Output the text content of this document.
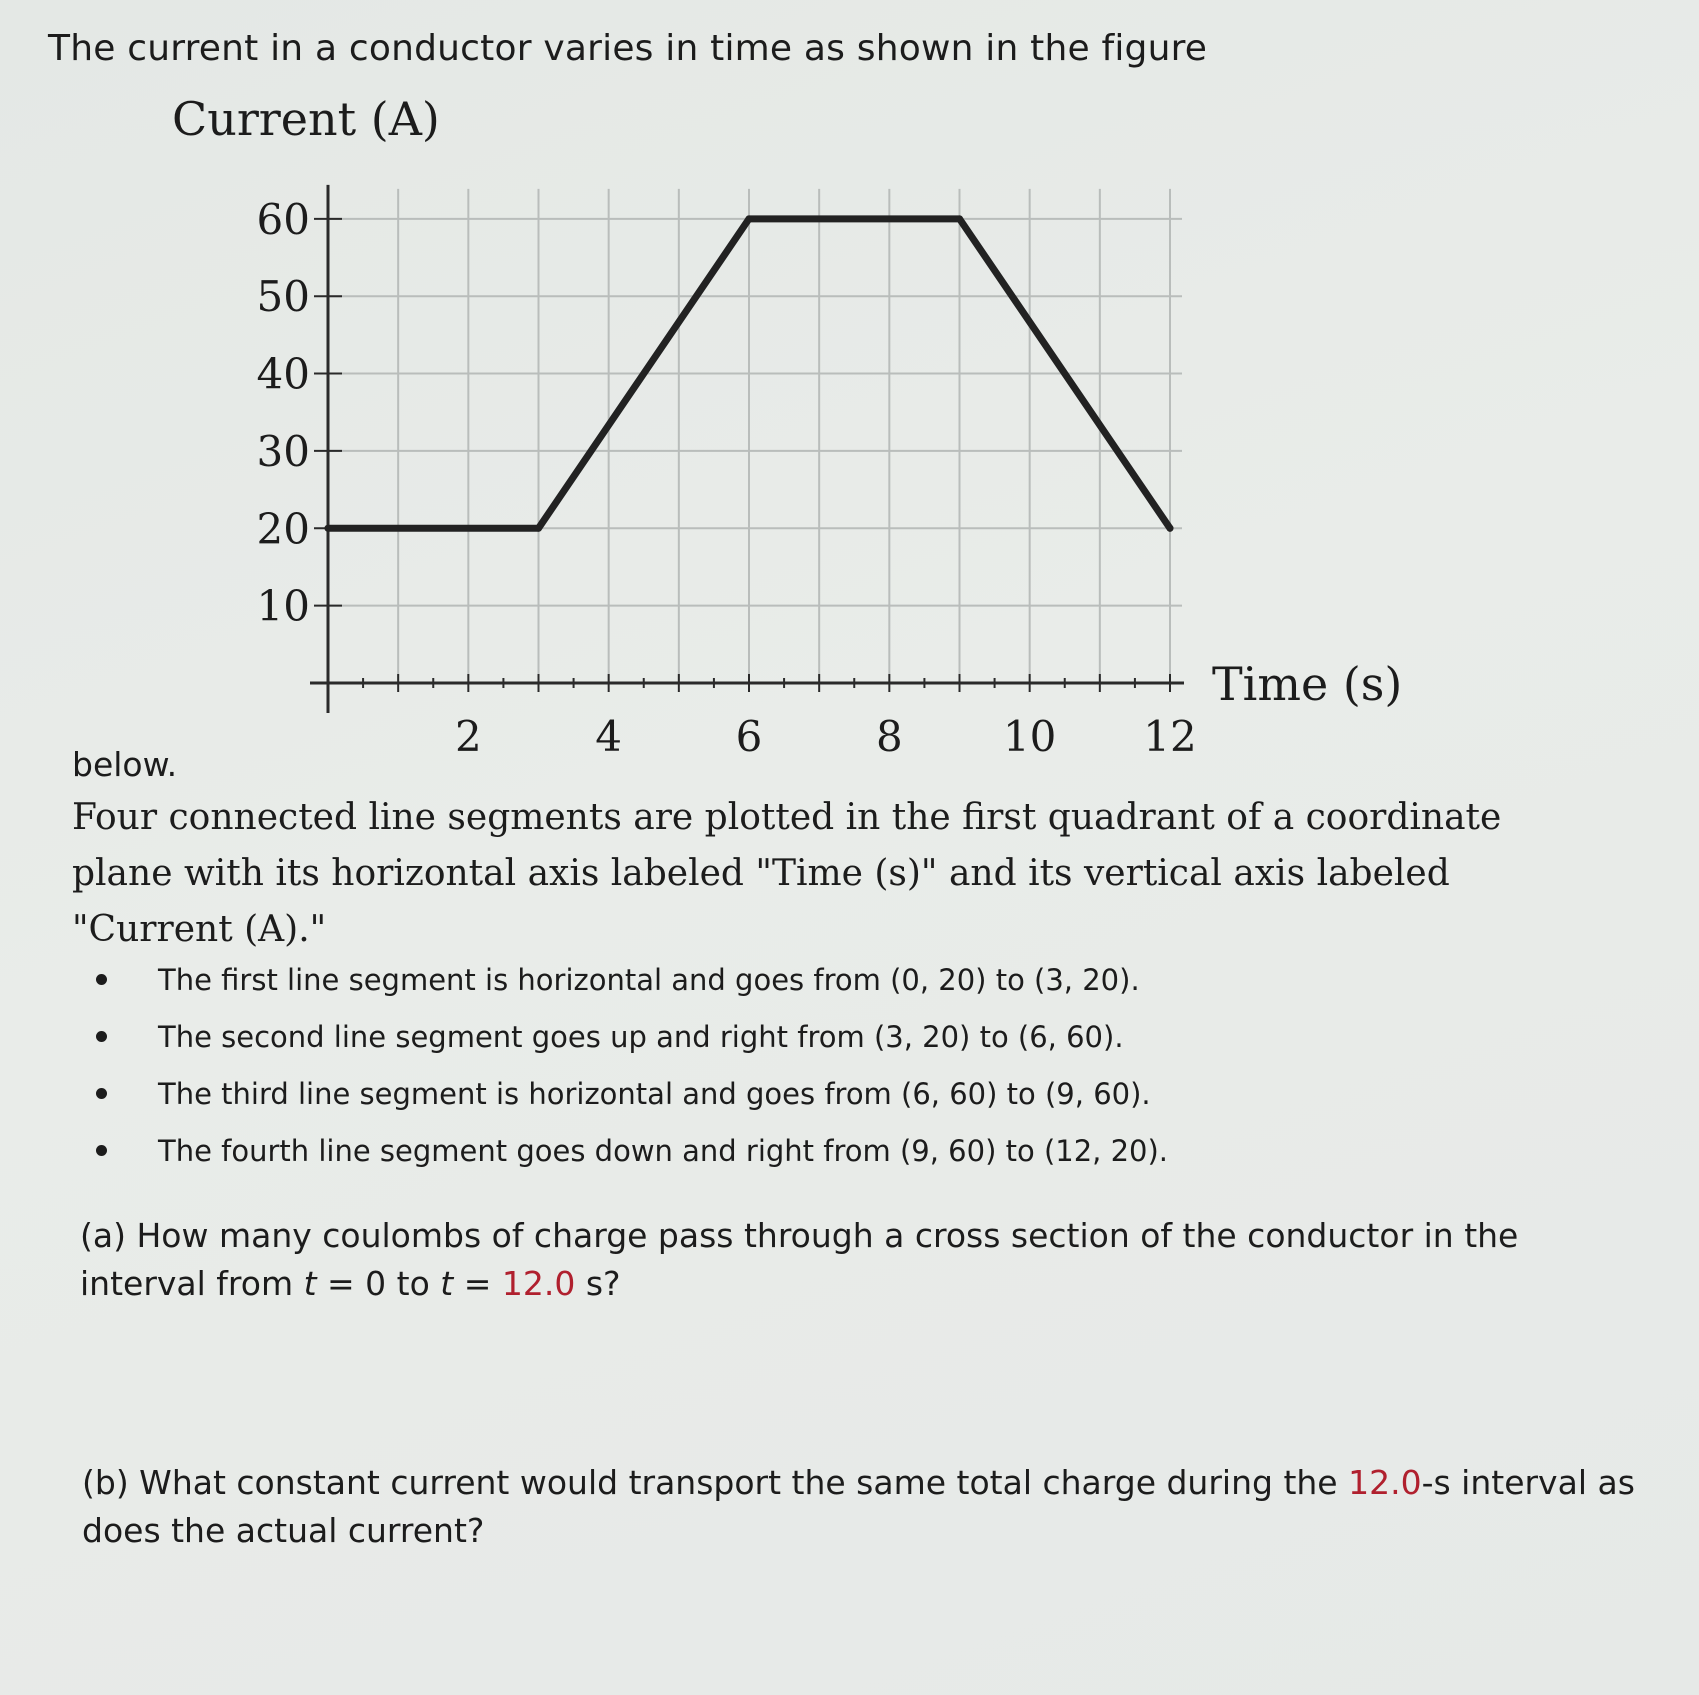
The current in a conductor varies in time as shown in the figure
10
20
30
40
50
60
2	4	6	8 10 12
Current (A)
Time (s)
below.
Four connected line segments are plotted in the first quadrant of a coordinate plane with its horizontal axis labeled "Time (s)" and its vertical axis labeled "Current (A)."
The first line segment is horizontal and goes from (0, 20) to (3, 20).
The second line segment goes up and right from (3, 20) to (6, 60).
The third line segment is horizontal and goes from (6, 60) to (9, 60).
The fourth line segment goes down and right from (9, 60) to (12, 20).
(a) How many coulombs of charge pass through a cross section of the conductor in the interval from t = 0 to t = 12.0 s?
(b) What constant current would transport the same total charge during the 12.0-s interval as does the actual current?
